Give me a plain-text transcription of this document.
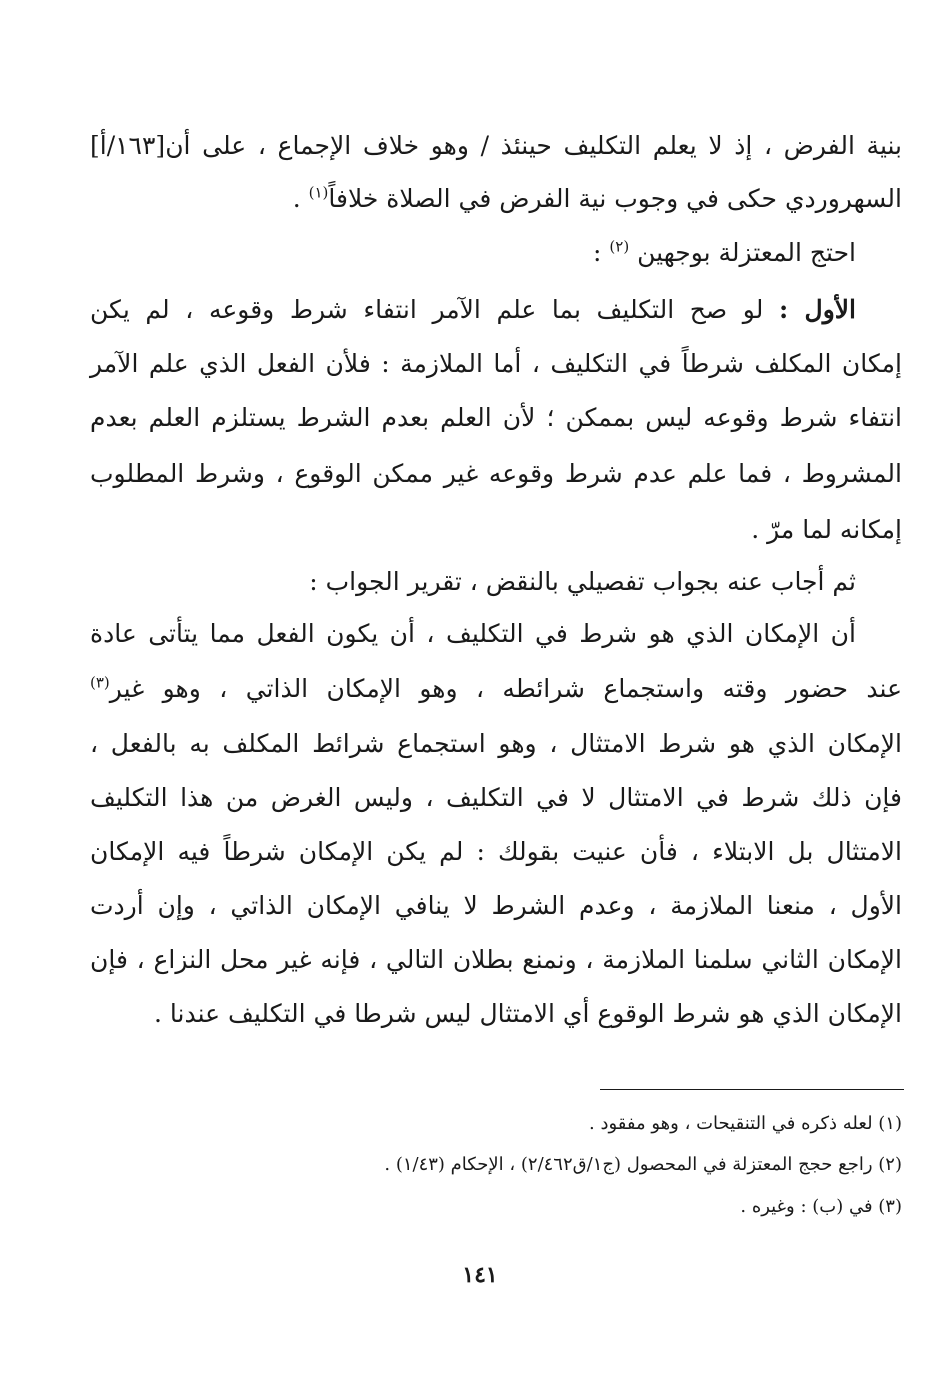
بنية الفرض ، إذ لا يعلم التكليف حينئذ / وهو خلاف الإجماع ، على أن[١٦٣/أ]
السهروردي حكى في وجوب نية الفرض في الصلاة خلافاً$^{(١)}$ .
احتج المعتزلة بوجهين $^{(٢)}$ :
الأول : لو صح التكليف بما علم الآمر انتفاء شرط وقوعه ، لم يكن
إمكان المكلف شرطاً في التكليف ، أما الملازمة : فلأن الفعل الذي علم الآمر
انتفاء شرط وقوعه ليس بممكن ؛ لأن العلم بعدم الشرط يستلزم العلم بعدم
المشروط ، فما علم عدم شرط وقوعه غير ممكن الوقوع ، وشرط المطلوب
إمكانه لما مرّ .
ثم أجاب عنه بجواب تفصيلي بالنقض ، تقرير الجواب :
أن الإمكان الذي هو شرط في التكليف ، أن يكون الفعل مما يتأتى عادة
عند حضور وقته واستجماع شرائطه ، وهو الإمكان الذاتي ، وهو غير$^{(٣)}$
الإمكان الذي هو شرط الامتثال ، وهو استجماع شرائط المكلف به بالفعل ،
فإن ذلك شرط في الامتثال لا في التكليف ، وليس الغرض من هذا التكليف
الامتثال بل الابتلاء ، فأن عنيت بقولك : لم يكن الإمكان شرطاً فيه الإمكان
الأول ، منعنا الملازمة ، وعدم الشرط لا ينافي الإمكان الذاتي ، وإن أردت
الإمكان الثاني سلمنا الملازمة ، ونمنع بطلان التالي ، فإنه غير محل النزاع ، فإن
الإمكان الذي هو شرط الوقوع أي الامتثال ليس شرطا في التكليف عندنا .
(١) لعله ذكره في التنقيحات ، وهو مفقود .
(٢) راجع حجج المعتزلة في المحصول (ج١/ق٢/٤٦٢) ، الإحكام (١/٤٣) .
(٣) في (ب) : وغيره .
١٤١
